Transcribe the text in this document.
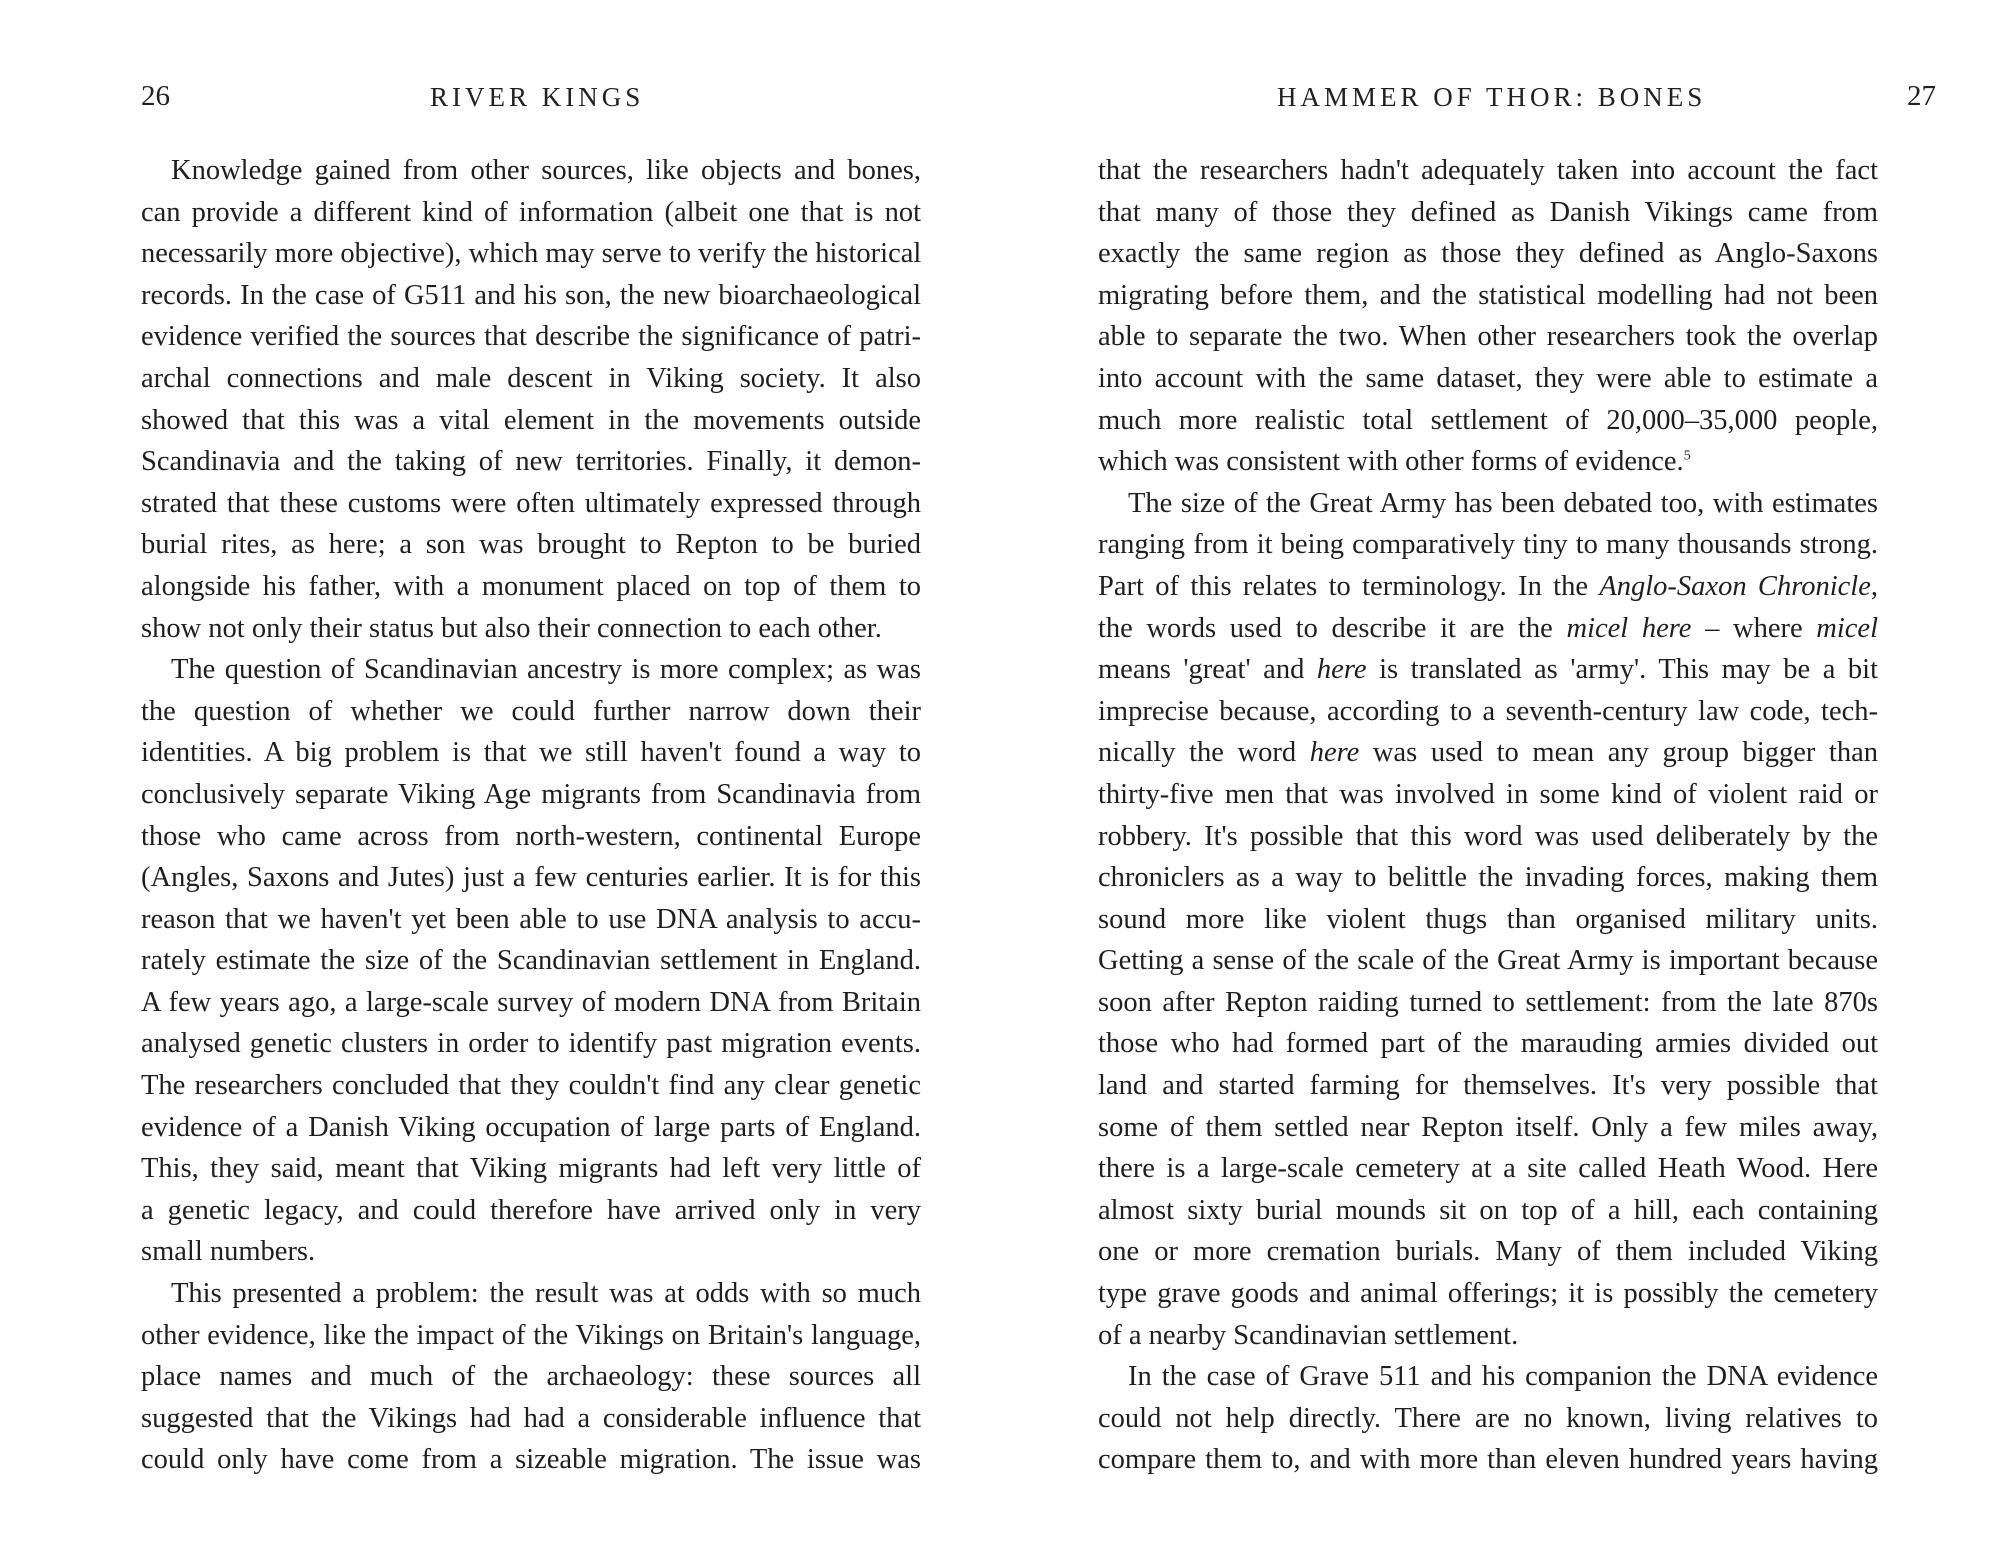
26	RIVER KINGS
Knowledge gained from other sources, like objects and bones,
can provide a different kind of information (albeit one that is not
necessarily more objective), which may serve to verify the historical
records. In the case of G511 and his son, the new bioarchaeological
evidence verified the sources that describe the significance of patri-
archal connections and male descent in Viking society. It also
showed that this was a vital element in the movements outside
Scandinavia and the taking of new territories. Finally, it demon-
strated that these customs were often ultimately expressed through
burial rites, as here; a son was brought to Repton to be buried
alongside his father, with a monument placed on top of them to
show not only their status but also their connection to each other.
The question of Scandinavian ancestry is more complex; as was
the question of whether we could further narrow down their
identities. A big problem is that we still haven't found a way to
conclusively separate Viking Age migrants from Scandinavia from
those who came across from north-western, continental Europe
(Angles, Saxons and Jutes) just a few centuries earlier. It is for this
reason that we haven't yet been able to use DNA analysis to accu-
rately estimate the size of the Scandinavian settlement in England.
A few years ago, a large-scale survey of modern DNA from Britain
analysed genetic clusters in order to identify past migration events.
The researchers concluded that they couldn't find any clear genetic
evidence of a Danish Viking occupation of large parts of England.
This, they said, meant that Viking migrants had left very little of
a genetic legacy, and could therefore have arrived only in very
small numbers.
This presented a problem: the result was at odds with so much
other evidence, like the impact of the Vikings on Britain's language,
place names and much of the archaeology: these sources all
suggested that the Vikings had had a considerable influence that
could only have come from a sizeable migration. The issue was
HAMMER OF THOR: BONES	27
that the researchers hadn't adequately taken into account the fact
that many of those they defined as Danish Vikings came from
exactly the same region as those they defined as Anglo-Saxons
migrating before them, and the statistical modelling had not been
able to separate the two. When other researchers took the overlap
into account with the same dataset, they were able to estimate a
much more realistic total settlement of 20,000–35,000 people,
which was consistent with other forms of evidence.$^5$
The size of the Great Army has been debated too, with estimates
ranging from it being comparatively tiny to many thousands strong.
Part of this relates to terminology. In the Anglo-Saxon Chronicle,
the words used to describe it are the micel here – where micel
means 'great' and here is translated as 'army'. This may be a bit
imprecise because, according to a seventh-century law code, tech-
nically the word here was used to mean any group bigger than
thirty-five men that was involved in some kind of violent raid or
robbery. It's possible that this word was used deliberately by the
chroniclers as a way to belittle the invading forces, making them
sound more like violent thugs than organised military units.
Getting a sense of the scale of the Great Army is important because
soon after Repton raiding turned to settlement: from the late 870s
those who had formed part of the marauding armies divided out
land and started farming for themselves. It's very possible that
some of them settled near Repton itself. Only a few miles away,
there is a large-scale cemetery at a site called Heath Wood. Here
almost sixty burial mounds sit on top of a hill, each containing
one or more cremation burials. Many of them included Viking
type grave goods and animal offerings; it is possibly the cemetery
of a nearby Scandinavian settlement.
In the case of Grave 511 and his companion the DNA evidence
could not help directly. There are no known, living relatives to
compare them to, and with more than eleven hundred years having
